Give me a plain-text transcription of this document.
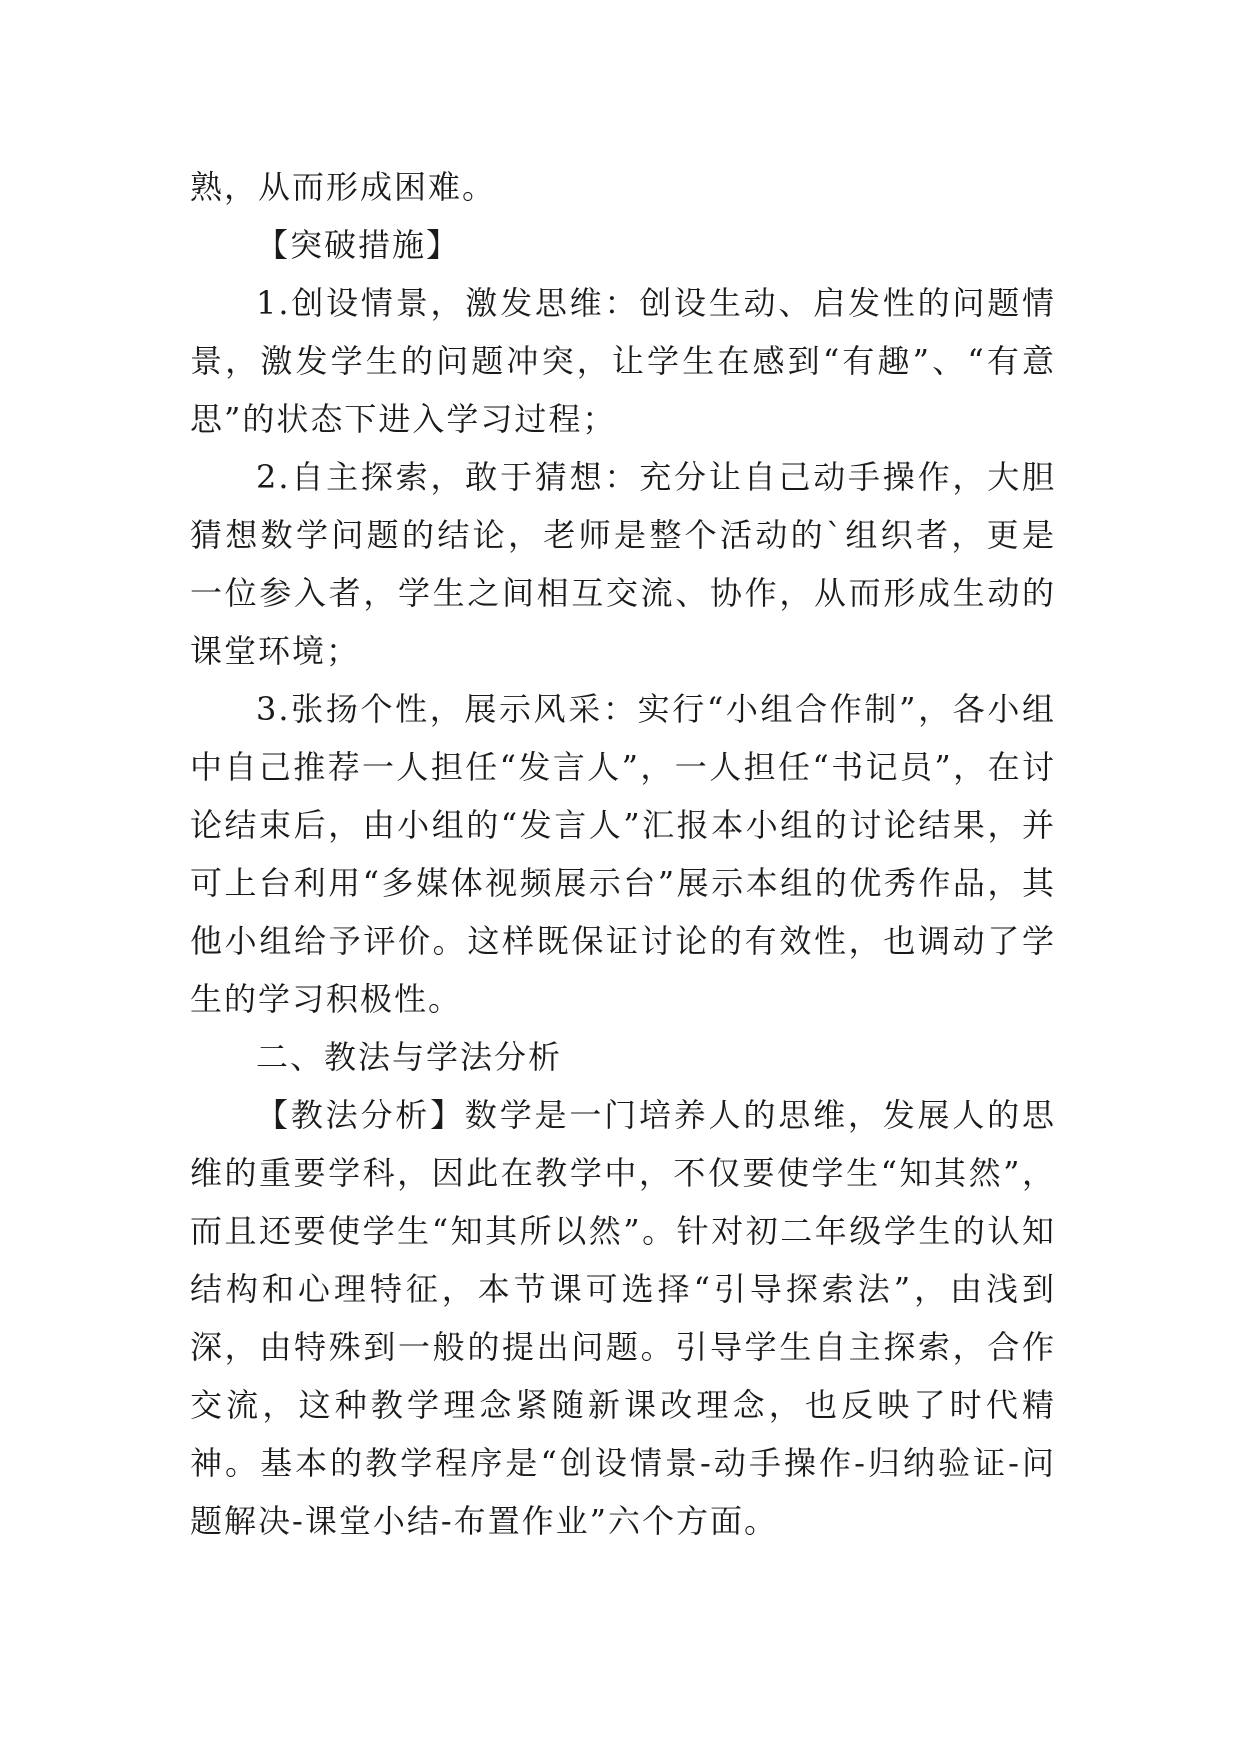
熟，从而形成困难。

【突破措施】

1.创设情景，激发思维：创设生动、启发性的问题情景，激发学生的问题冲突，让学生在感到“有趣”、“有意思”的状态下进入学习过程；

2.自主探索，敢于猜想：充分让自己动手操作，大胆猜想数学问题的结论，老师是整个活动的`组织者，更是一位参入者，学生之间相互交流、协作，从而形成生动的课堂环境；

3.张扬个性，展示风采：实行“小组合作制”，各小组中自己推荐一人担任“发言人”，一人担任“书记员”，在讨论结束后，由小组的“发言人”汇报本小组的讨论结果，并可上台利用“多媒体视频展示台”展示本组的优秀作品，其他小组给予评价。这样既保证讨论的有效性，也调动了学生的学习积极性。

二、教法与学法分析

【教法分析】数学是一门培养人的思维，发展人的思维的重要学科，因此在教学中，不仅要使学生“知其然”，而且还要使学生“知其所以然”。针对初二年级学生的认知结构和心理特征，本节课可选择“引导探索法”，由浅到深，由特殊到一般的提出问题。引导学生自主探索，合作交流，这种教学理念紧随新课改理念，也反映了时代精神。基本的教学程序是“创设情景-动手操作-归纳验证-问题解决-课堂小结-布置作业”六个方面。
